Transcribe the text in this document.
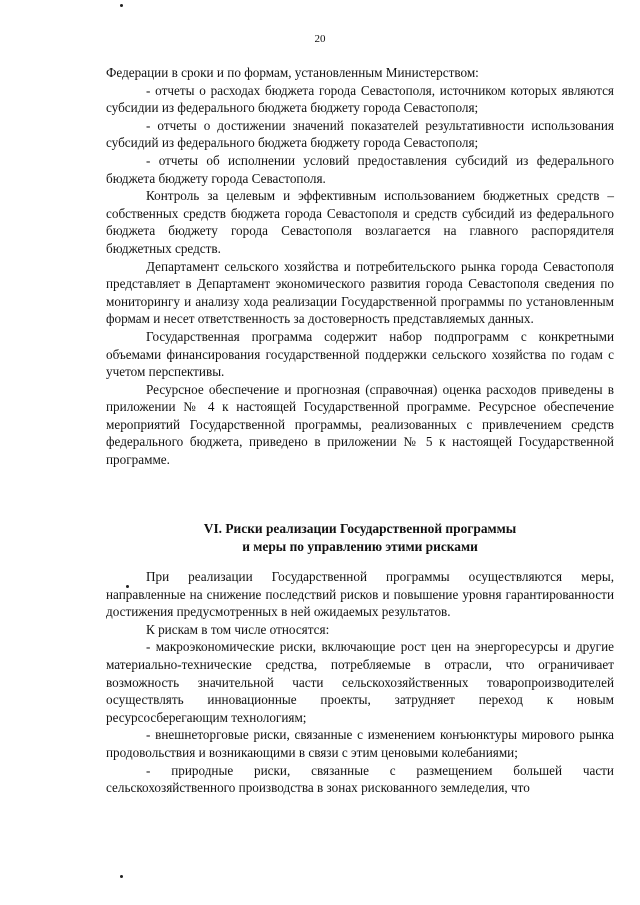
20

Федерации в сроки и по формам, установленным Министерством:

- отчеты о расходах бюджета города Севастополя, источником которых являются субсидии из федерального бюджета бюджету города Севастополя;

- отчеты о достижении значений показателей результативности использования субсидий из федерального бюджета бюджету города Севастополя;

- отчеты об исполнении условий предоставления субсидий из федерального бюджета бюджету города Севастополя.

Контроль за целевым и эффективным использованием бюджетных средств – собственных средств бюджета города Севастополя и средств субсидий из федерального бюджета бюджету города Севастополя возлагается на главного распорядителя бюджетных средств.

Департамент сельского хозяйства и потребительского рынка города Севастополя представляет в Департамент экономического развития города Севастополя сведения по мониторингу и анализу хода реализации Государственной программы по установленным формам и несет ответственность за достоверность представляемых данных.

Государственная программа содержит набор подпрограмм с конкретными объемами финансирования государственной поддержки сельского хозяйства по годам с учетом перспективы.

Ресурсное обеспечение и прогнозная (справочная) оценка расходов приведены в приложении № 4 к настоящей Государственной программе. Ресурсное обеспечение мероприятий Государственной программы, реализованных с привлечением средств федерального бюджета, приведено в приложении № 5 к настоящей Государственной программе.

VI. Риски реализации Государственной программы
и меры по управлению этими рисками

При реализации Государственной программы осуществляются меры, направленные на снижение последствий рисков и повышение уровня гарантированности достижения предусмотренных в ней ожидаемых результатов.

К рискам в том числе относятся:

- макроэкономические риски, включающие рост цен на энергоресурсы и другие материально-технические средства, потребляемые в отрасли, что ограничивает возможность значительной части сельскохозяйственных товаропроизводителей осуществлять инновационные проекты, затрудняет переход к новым ресурсосберегающим технологиям;

- внешнеторговые риски, связанные с изменением конъюнктуры мирового рынка продовольствия и возникающими в связи с этим ценовыми колебаниями;

- природные риски, связанные с размещением большей части сельскохозяйственного производства в зонах рискованного земледелия, что
